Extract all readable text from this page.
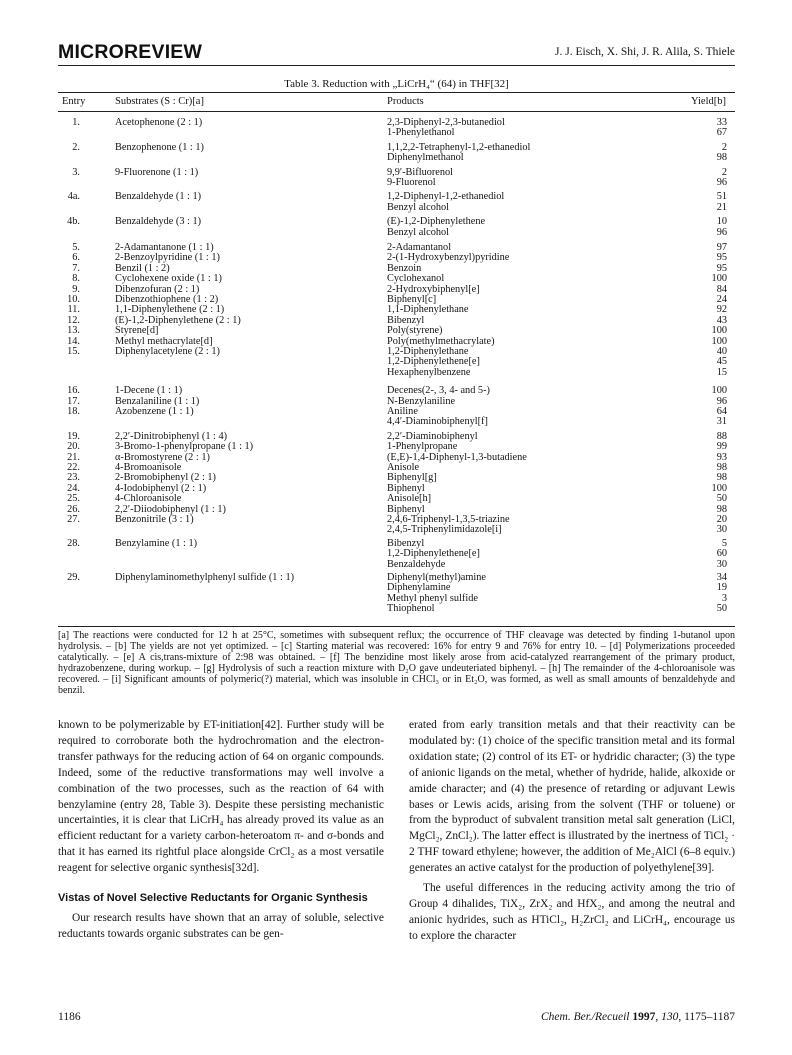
MICROREVIEW	J. J. Eisch, X. Shi, J. R. Alila, S. Thiele
Table 3. Reduction with „LiCrH₄“ (64) in THF[32]
Entry	Substrates (S : Cr)[a]	Products	Yield[b]
1.	Acetophenone (2 : 1)	2,3-Diphenyl-2,3-butanediol	33
1-Phenylethanol	67
2.	Benzophenone (1 : 1)	1,1,2,2-Tetraphenyl-1,2-ethanediol	2
Diphenylmethanol	98
3.	9-Fluorenone (1 : 1)	9,9′-Bifluorenol	2
9-Fluorenol	96
4a.	Benzaldehyde (1 : 1)	1,2-Diphenyl-1,2-ethanediol	51
Benzyl alcohol	21
4b.	Benzaldehyde (3 : 1)	(E)-1,2-Diphenylethene	10
Benzyl alcohol	96
5.	2-Adamantanone (1 : 1)	2-Adamantanol	97
6.	2-Benzoylpyridine (1 : 1)	2-(1-Hydroxybenzyl)pyridine	95
7.	Benzil (1 : 2)	Benzoin	95
8.	Cyclohexene oxide (1 : 1)	Cyclohexanol	100
9.	Dibenzofuran (2 : 1)	2-Hydroxybiphenyl[e]	84
10.	Dibenzothiophene (1 : 2)	Biphenyl[c]	24
11.	1,1-Diphenylethene (2 : 1)	1,1-Diphenylethane	92
12.	(E)-1,2-Diphenylethene (2 : 1)	Bibenzyl	43
13.	Styrene[d]	Poly(styrene)	100
14.	Methyl methacrylate[d]	Poly(methylmethacrylate)	100
15.	Diphenylacetylene (2 : 1)	1,2-Diphenylethane	40
1,2-Diphenylethene[e]	45
Hexaphenylbenzene	15
16.	1-Decene (1 : 1)	Decenes(2-, 3, 4- and 5-)	100
17.	Benzalaniline (1 : 1)	N-Benzylaniline	96
18.	Azobenzene (1 : 1)	Aniline	64
4,4′-Diaminobiphenyl[f]	31
19.	2,2′-Dinitrobiphenyl (1 : 4)	2,2′-Diaminobiphenyl	88
20.	3-Bromo-1-phenylpropane (1 : 1)	1-Phenylpropane	99
21.	α-Bromostyrene (2 : 1)	(E,E)-1,4-Diphenyl-1,3-butadiene	93
22.	4-Bromoanisole	Anisole	98
23.	2-Bromobiphenyl (2 : 1)	Biphenyl[g]	98
24.	4-Iodobiphenyl (2 : 1)	Biphenyl	100
25.	4-Chloroanisole	Anisole[h]	50
26.	2,2′-Diiodobiphenyl (1 : 1)	Biphenyl	98
27.	Benzonitrile (3 : 1)	2,4,6-Triphenyl-1,3,5-triazine	20
2,4,5-Triphenylimidazole[i]	30
28.	Benzylamine (1 : 1)	Bibenzyl	5
1,2-Diphenylethene[e]	60
Benzaldehyde	30
29.	Diphenylaminomethylphenyl sulfide (1 : 1)	Diphenyl(methyl)amine	34
Diphenylamine	19
Methyl phenyl sulfide	3
Thiophenol	50
[a] The reactions were conducted for 12 h at 25°C, sometimes with subsequent reflux; the occurrence of THF cleavage was detected by finding 1-butanol upon hydrolysis. – [b] The yields are not yet optimized. – [c] Starting material was recovered: 16% for entry 9 and 76% for entry 10. – [d] Polymerizations proceeded catalytically. – [e] A cis,trans-mixture of 2:98 was obtained. – [f] The benzidine most likely arose from acid-catalyzed rearrangement of the primary product, hydrazobenzene, during workup. – [g] Hydrolysis of such a reaction mixture with D₂O gave undeuteriated biphenyl. – [h] The remainder of the 4-chloroanisole was recovered. – [i] Significant amounts of polymeric(?) material, which was insoluble in CHCl₃ or in Et₂O, was formed, as well as small amounts of benzaldehyde and benzil.

known to be polymerizable by ET-initiation[42]. Further study will be required to corroborate both the hydrochromation and the electron-transfer pathways for the reducing action of 64 on organic compounds. Indeed, some of the reductive transformations may well involve a combination of the two processes, such as the reaction of 64 with benzylamine (entry 28, Table 3). Despite these persisting mechanistic uncertainties, it is clear that LiCrH₄ has already proved its value as an efficient reductant for a variety carbon-heteroatom π- and σ-bonds and that it has earned its rightful place alongside CrCl₂ as a most versatile reagent for selective organic synthesis[32d].

Vistas of Novel Selective Reductants for Organic Synthesis

Our research results have shown that an array of soluble, selective reductants towards organic substrates can be gen-

erated from early transition metals and that their reactivity can be modulated by: (1) choice of the specific transition metal and its formal oxidation state; (2) control of its ET- or hydridic character; (3) the type of anionic ligands on the metal, whether of hydride, halide, alkoxide or amide character; and (4) the presence of retarding or adjuvant Lewis bases or Lewis acids, arising from the solvent (THF or toluene) or from the byproduct of subvalent transition metal salt generation (LiCl, MgCl₂, ZnCl₂). The latter effect is illustrated by the inertness of TiCl₂ · 2 THF toward ethylene; however, the addition of Me₂AlCl (6–8 equiv.) generates an active catalyst for the production of polyethylene[39].

The useful differences in the reducing activity among the trio of Group 4 dihalides, TiX₂, ZrX₂ and HfX₂, and among the neutral and anionic hydrides, such as HTiCl₂, H₂ZrCl₂ and LiCrH₄, encourage us to explore the character

1186	Chem. Ber./Recueil 1997, 130, 1175–1187
